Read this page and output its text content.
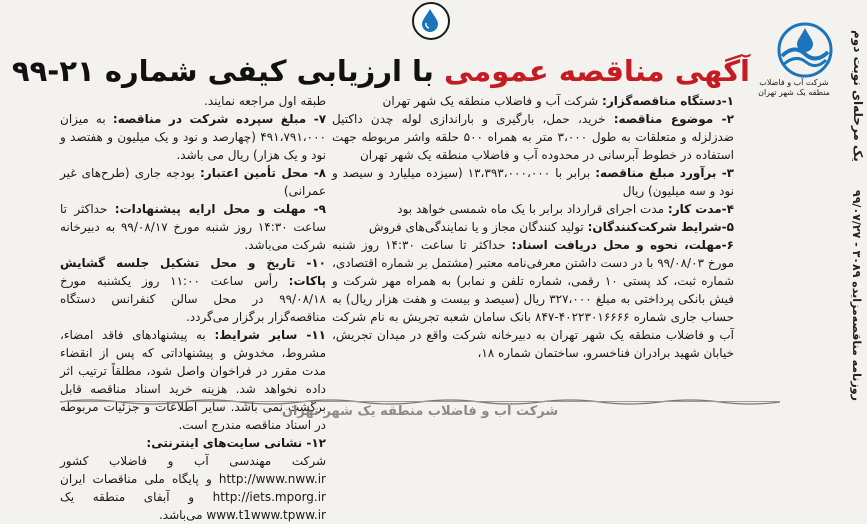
نوبت دوم یک مرحله‌ای
روزنامه مناقصه‌مزایده ۳۰۸۹ - ۹۹/۰۷/۲۷
شرکت آب و فاضلاب منطقه یک شهر تهران
آگهی مناقصه عمومی با ارزیابی کیفی شماره ۲۱-۹۹

۱-دستگاه مناقصه‌گزار: شرکت آب و فاضلاب منطقه یک شهر تهران

۲- موضوع مناقصه: خرید، حمل، بارگیری و باراندازی لوله چدن داکتیل ضدزلزله و متعلقات به طول ۳،۰۰۰ متر به همراه ۵۰۰ حلقه واشر مربوطه جهت استفاده در خطوط آبرسانی در محدوده آب و فاضلاب منطقه یک شهر تهران

۳- برآورد مبلغ مناقصه: برابر با ۱۳،۳۹۳،۰۰۰،۰۰۰ (سیزده میلیارد و سیصد و نود و سه میلیون) ریال

۴-مدت کار: مدت اجرای قرارداد برابر با یک ماه شمسی خواهد بود

۵-شرایط شرکت‌کنندگان: تولید کنندگان مجاز و یا نمایندگی‌های فروش

۶-مهلت، نحوه و محل دریافت اسناد: حداکثر تا ساعت ۱۴:۳۰ روز شنبه مورخ ۹۹/۰۸/۰۳ با در دست داشتن معرفی‌نامه معتبر (مشتمل بر شماره اقتصادی، شماره ثبت، کد پستی ۱۰ رقمی، شماره تلفن و نمابر) به همراه مهر شرکت و فیش بانکی پرداختی به مبلغ ۳۲۷،۰۰۰ ریال (سیصد و بیست و هفت هزار ریال) به حساب جاری شماره ۴۰۲۲۳۰۱۶۶۶۶-۸۴۷ بانک سامان شعبه تجریش به نام شرکت آب و فاضلاب منطقه یک شهر تهران به دبیرخانه شرکت واقع در میدان تجریش، خیابان شهید برادران فناخسرو، ساختمان شماره ۱۸،

طبقه اول مراجعه نمایند.

۷- مبلغ سپرده شرکت در مناقصه: به میزان ۴۹۱،۷۹۱،۰۰۰ (چهارصد و نود و یک میلیون و هفتصد و نود و یک هزار) ریال می باشد.

۸- محل تأمین اعتبار: بودجه جاری (طرح‌های غیر عمرانی)

۹- مهلت و محل ارایه پیشنهادات: حداکثر تا ساعت ۱۴:۳۰ روز شنبه مورخ ۹۹/۰۸/۱۷ به دبیرخانه شرکت می‌باشد.

۱۰- تاریخ و محل تشکیل جلسه گشایش پاکات: رأس ساعت ۱۱:۰۰ روز یکشنبه مورخ ۹۹/۰۸/۱۸ در محل سالن کنفرانس دستگاه مناقصه‌گزار برگزار می‌گردد.

۱۱- سایر شرایط: به پیشنهادهای فاقد امضاء، مشروط، مخدوش و پیشنهاداتی که پس از انقضاء مدت مقرر در فراخوان واصل شود، مطلقاً ترتیب اثر داده نخواهد شد. هزینه خرید اسناد مناقصه قابل برگشت نمی باشد. سایر اطلاعات و جزئیات مربوطه در اسناد مناقصه مندرج است.

۱۲- نشانی سایت‌های اینترنتی:

شرکت مهندسی آب و فاضلاب کشور http://www.nww.ir و پایگاه ملی مناقصات ایران http://iets.mporg.ir و آبفای منطقه یک www.t1www.tpww.ir می‌باشد.

شرکت آب و فاضلاب منطقه یک شهر تهران
